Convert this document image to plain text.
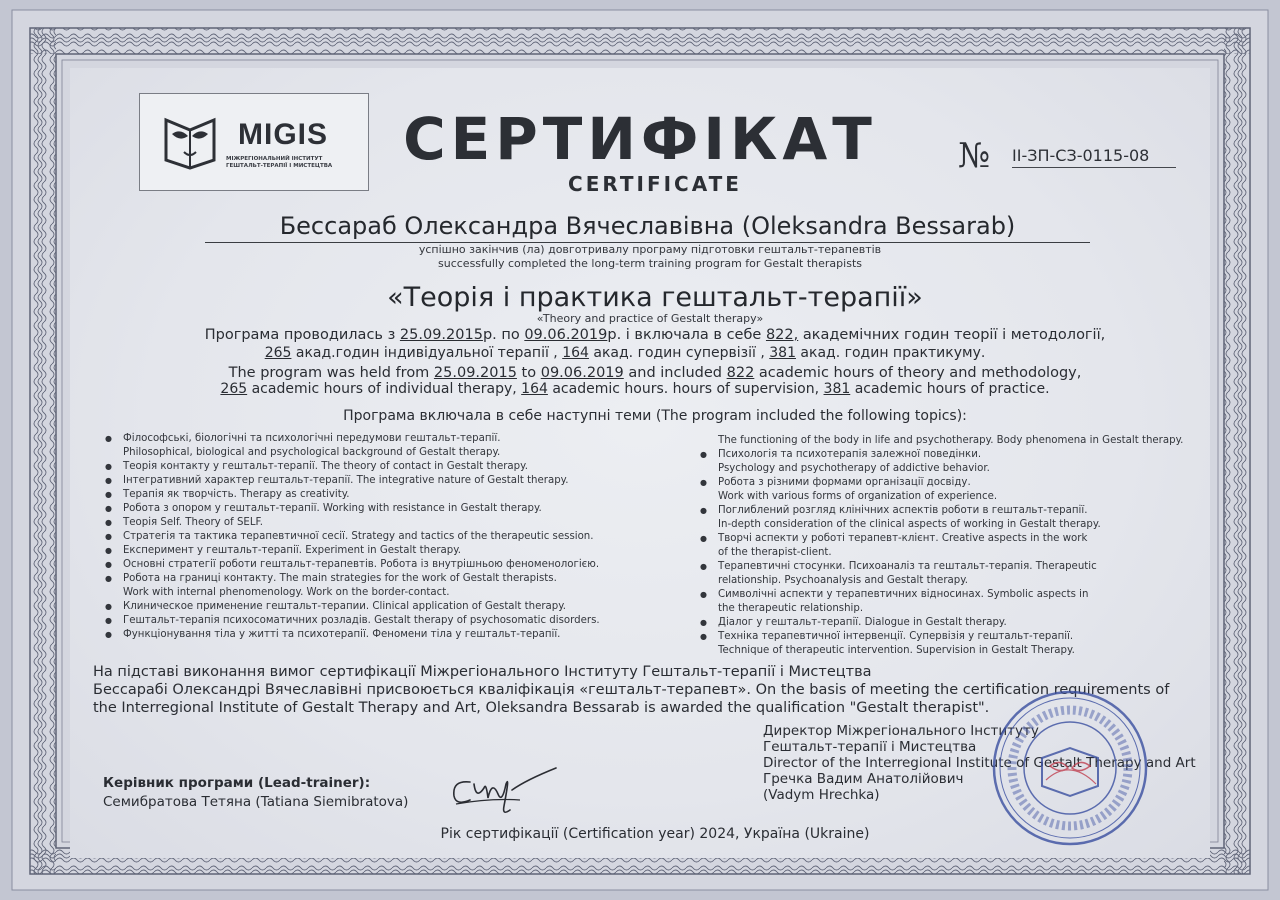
MIGIS
МІЖРЕГІОНАЛЬНИЙ ІНСТИТУТ ГЕШТАЛЬТ-ТЕРАПІЇ І МИСТЕЦТВА	СЕРТИФІКАТ
CERTIFICATE
№ II-ЗП-СЗ-0115-08
Бессараб Олександра Вячеславівна (Oleksandra Bessarab)
успішно закінчив (ла) довготривалу програму підготовки гештальт-терапевтів
successfully completed the long-term training program for Gestalt therapists
«Теорія і практика гештальт-терапії»
«Theory and practice of Gestalt therapy»
Програма проводилась з 25.09.2015р. по 09.06.2019р. і включала в себе 822, академічних годин теорії і методології,
265 акад.годин індивідуальної терапії , 164 акад. годин супервізії , 381 акад. годин практикуму.
The program was held from 25.09.2015 to 09.06.2019 and included 822 academic hours of theory and methodology,
265 academic hours of individual therapy, 164 academic hours. hours of supervision, 381 academic hours of practice.
Програма включала в себе наступні теми (The program included the following topics):
● Філософські, біологічні та психологічні передумови гештальт-терапії.
Philosophical, biological and psychological background of Gestalt therapy.
● Теорія контакту у гештальт-терапії. The theory of contact in Gestalt therapy.
● Інтегративний характер гештальт-терапії. The integrative nature of Gestalt therapy.
● Терапія як творчість. Therapy as creativity.
● Робота з опором у гештальт-терапії. Working with resistance in Gestalt therapy.
● Теорія Self. Theory of SELF.
● Стратегія та тактика терапевтичної сесії. Strategy and tactics of the therapeutic session.
● Експеримент у гештальт-терапії. Experiment in Gestalt therapy.
● Основні стратегії роботи гештальт-терапевтів. Робота із внутрішньою феноменологією.
● Робота на границі контакту. The main strategies for the work of Gestalt therapists.
Work with internal phenomenology. Work on the border-contact.
● Клиническое применение гештальт-терапии. Clinical application of Gestalt therapy.
● Гештальт-терапія психосоматичних розладів. Gestalt therapy of psychosomatic disorders.
● Функціонування тіла у житті та психотерапії. Феномени тіла у гештальт-терапії.
The functioning of the body in life and psychotherapy. Body phenomena in Gestalt therapy.
● Психологія та психотерапія залежної поведінки.
Psychology and psychotherapy of addictive behavior.
● Робота з різними формами організації досвіду.
Work with various forms of organization of experience.
● Поглиблений розгляд клінічних аспектів роботи в гештальт-терапії.
In-depth consideration of the clinical aspects of working in Gestalt therapy.
● Творчі аспекти у роботі терапевт-клієнт. Creative aspects in the work
of the therapist-client.
● Терапевтичні стосунки. Психоаналіз та гештальт-терапія. Therapeutic
relationship. Psychoanalysis and Gestalt therapy.
● Символічні аспекти у терапевтичних відносинах. Symbolic aspects in
the therapeutic relationship.
● Діалог у гештальт-терапії. Dialogue in Gestalt therapy.
● Техніка терапевтичної інтервенції. Супервізія у гештальт-терапії.
Technique of therapeutic intervention. Supervision in Gestalt Therapy.
На підставі виконання вимог сертифікації Міжрегіонального Інституту Гештальт-терапії і Мистецтва
Бессарабі Олександрі Вячеславівні присвоюється кваліфікація «гештальт-терапевт». On the basis of meeting the certification requirements of
the Interregional Institute of Gestalt Therapy and Art, Oleksandra Bessarab is awarded the qualification "Gestalt therapist".
Директор Міжрегіонального Інституту
Гештальт-терапії і Мистецтва
Director of the Interregional Institute of Gestalt Therapy and Art
Гречка Вадим Анатолійович
(Vadym Hrechka)
Керівник програми (Lead-trainer):
Семибратова Тетяна (Tatiana Siemibratova)
Рік сертифікації (Certification year) 2024, Україна (Ukraine)
